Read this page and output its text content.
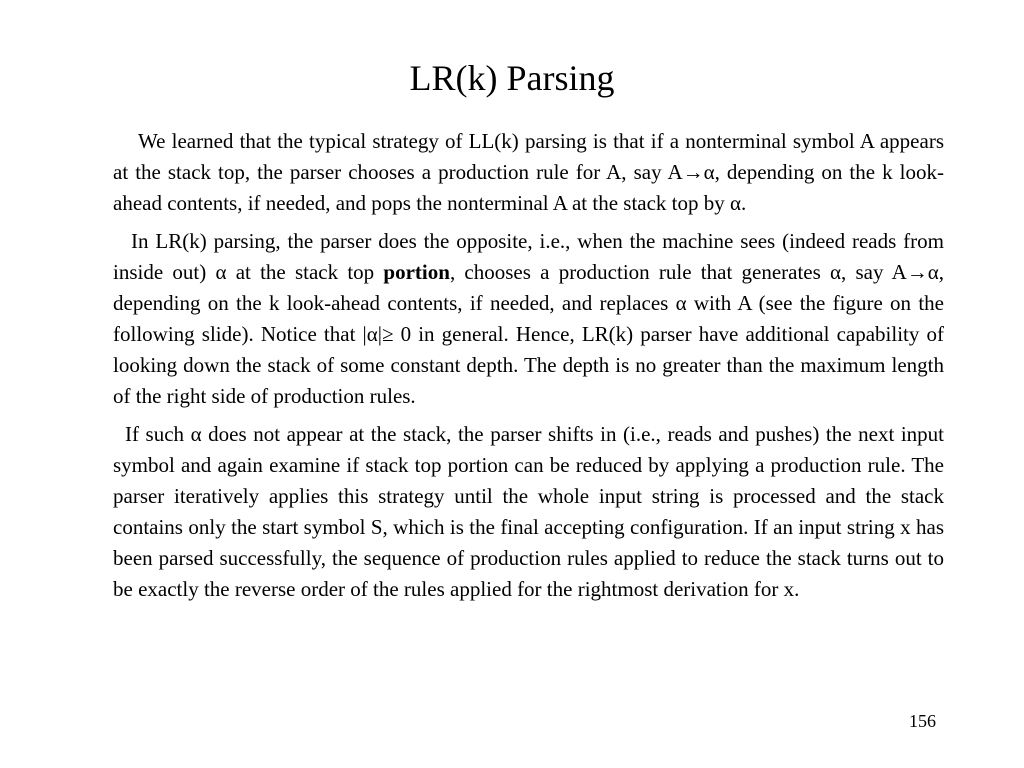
LR(k) Parsing

We learned that the typical strategy of LL(k) parsing is that if a nonterminal symbol A appears at the stack top, the parser chooses a production rule for A, say A→α, depending on the k look-ahead contents, if needed, and pops the nonterminal A at the stack top by α.

In LR(k) parsing, the parser does the opposite, i.e., when the machine sees (indeed reads from inside out) α at the stack top portion, chooses a production rule that generates α, say A→α, depending on the k look-ahead contents, if needed, and replaces α with A (see the figure on the following slide). Notice that |α|≥ 0 in general. Hence, LR(k) parser have additional capability of looking down the stack of some constant depth. The depth is no greater than the maximum length of the right side of production rules.

If such α does not appear at the stack, the parser shifts in (i.e., reads and pushes) the next input symbol and again examine if stack top portion can be reduced by applying a production rule. The parser iteratively applies this strategy until the whole input string is processed and the stack contains only the start symbol S, which is the final accepting configuration. If an input string x has been parsed successfully, the sequence of production rules applied to reduce the stack turns out to be exactly the reverse order of the rules applied for the rightmost derivation for x.

156
